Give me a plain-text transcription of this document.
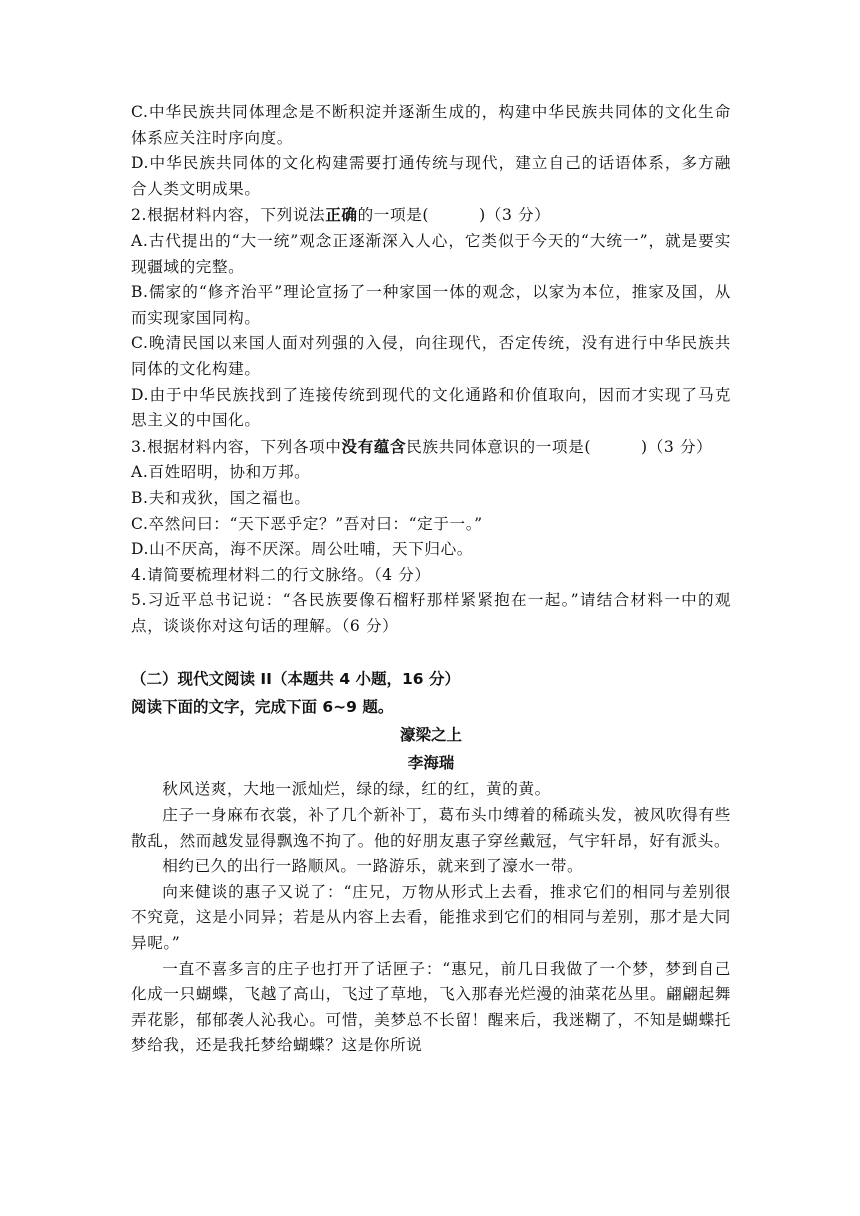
C.中华民族共同体理念是不断积淀并逐渐生成的，构建中华民族共同体的文化生命体系应关注时序向度。

D.中华民族共同体的文化构建需要打通传统与现代，建立自己的话语体系，多方融合人类文明成果。

2.根据材料内容，下列说法正确的一项是(	)（3 分）

A.古代提出的“大一统”观念正逐渐深入人心，它类似于今天的“大统一”，就是要实现疆域的完整。

B.儒家的“修齐治平”理论宣扬了一种家国一体的观念，以家为本位，推家及国，从而实现家国同构。

C.晚清民国以来国人面对列强的入侵，向往现代，否定传统，没有进行中华民族共同体的文化构建。

D.由于中华民族找到了连接传统到现代的文化通路和价值取向，因而才实现了马克思主义的中国化。

3.根据材料内容，下列各项中没有蕴含民族共同体意识的一项是(	)（3 分）

A.百姓昭明，协和万邦。

B.夫和戎狄，国之福也。

C.卒然问曰：“天下恶乎定？”吾对曰：“定于一。”

D.山不厌高，海不厌深。周公吐哺，天下归心。

4.请简要梳理材料二的行文脉络。（4 分）

5.习近平总书记说：“各民族要像石榴籽那样紧紧抱在一起。”请结合材料一中的观点，谈谈你对这句话的理解。（6 分）

（二）现代文阅读 II（本题共 4 小题，16 分）

阅读下面的文字，完成下面 6~9 题。

濠梁之上

李海瑞

秋风送爽，大地一派灿烂，绿的绿，红的红，黄的黄。

庄子一身麻布衣裳，补了几个新补丁，葛布头巾缚着的稀疏头发，被风吹得有些散乱，然而越发显得飘逸不拘了。他的好朋友惠子穿丝戴冠，气宇轩昂，好有派头。

相约已久的出行一路顺风。一路游乐，就来到了濠水一带。

向来健谈的惠子又说了：“庄兄，万物从形式上去看，推求它们的相同与差别很不究竟，这是小同异；若是从内容上去看，能推求到它们的相同与差别，那才是大同异呢。”

一直不喜多言的庄子也打开了话匣子：“惠兄，前几日我做了一个梦，梦到自己化成一只蝴蝶，飞越了高山，飞过了草地，飞入那春光烂漫的油菜花丛里。翩翩起舞弄花影，郁郁袭人沁我心。可惜，美梦总不长留！醒来后，我迷糊了，不知是蝴蝶托梦给我，还是我托梦给蝴蝶？这是你所说
